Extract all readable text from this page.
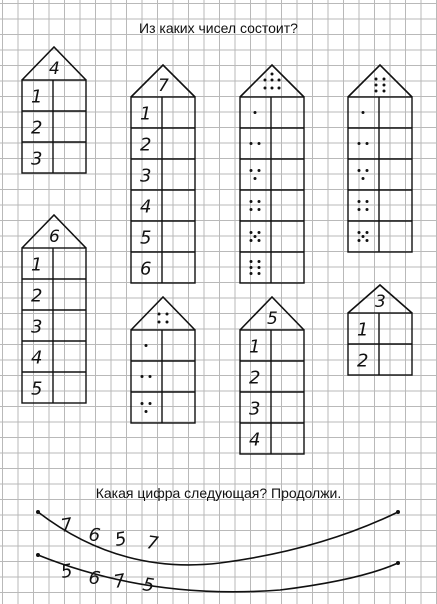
Из каких чисел состоит?
Какая цифра следующая? Продолжи.
4
1
2
3
7
1
2
3
4
5
6
6
1
2
3
4
5
5
1
2
3
4
3
1
2
7 6 5 7
5 6 7 5
